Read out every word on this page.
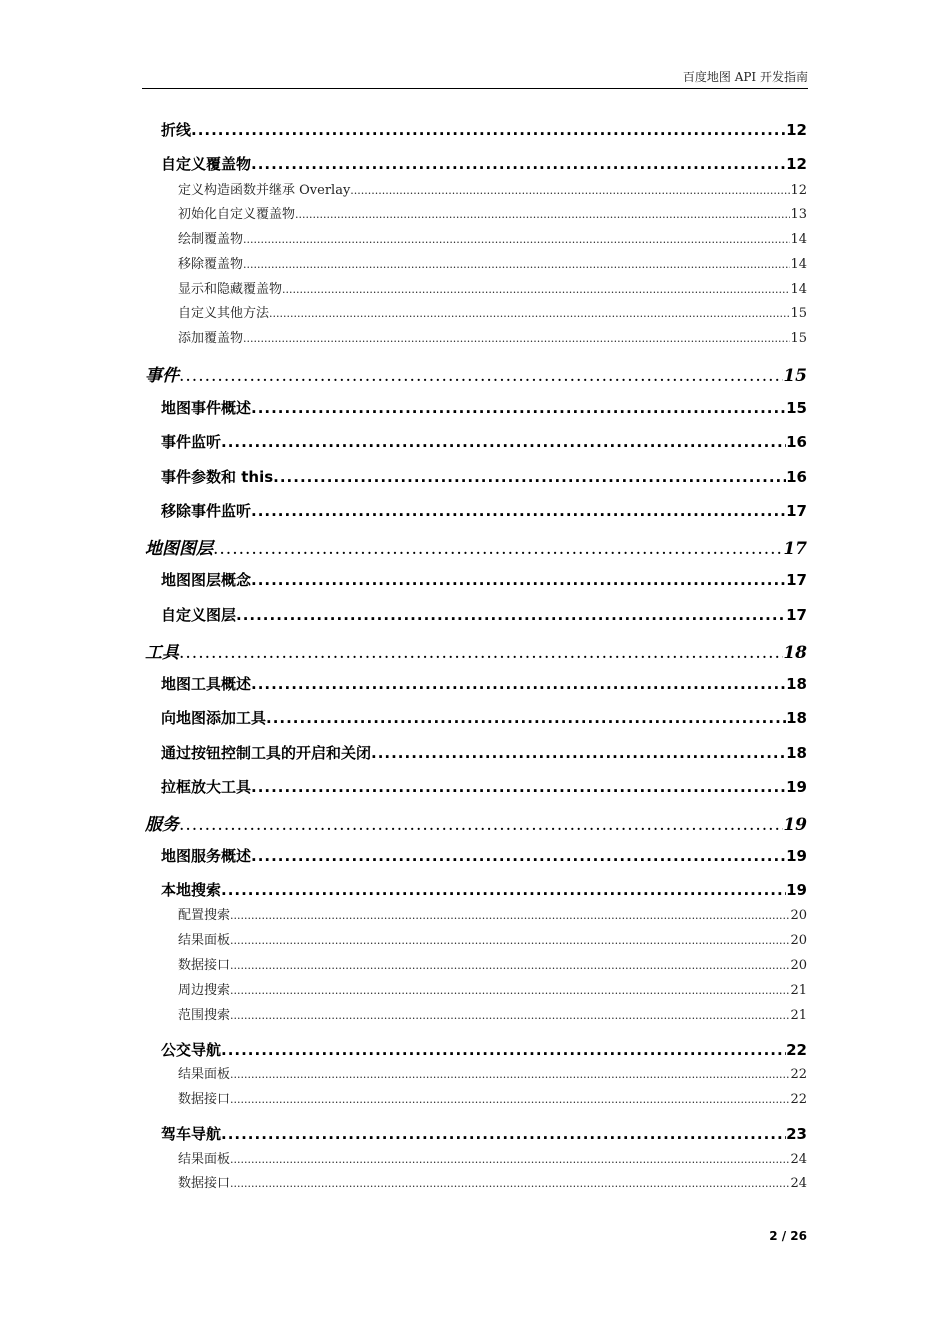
百度地图 API 开发指南
折线 .....	12
自定义覆盖物 .....	12
定义构造函数并继承 Overlay .....	12
初始化自定义覆盖物 .....	13
绘制覆盖物 .....	14
移除覆盖物 .....	14
显示和隐藏覆盖物 .....	14
自定义其他方法 .....	15
添加覆盖物 .....	15
事件 .....	15
地图事件概述 .....	15
事件监听 .....	16
事件参数和 this .....	16
移除事件监听 .....	17
地图图层 .....	17
地图图层概念 .....	17
自定义图层 .....	17
工具 .....	18
地图工具概述 .....	18
向地图添加工具 .....	18
通过按钮控制工具的开启和关闭 .....	18
拉框放大工具 .....	19
服务 .....	19
地图服务概述 .....	19
本地搜索 .....	19
配置搜索 .....	20
结果面板 .....	20
数据接口 .....	20
周边搜索 .....	21
范围搜索 .....	21
公交导航 .....	22
结果面板 .....	22
数据接口 .....	22
驾车导航 .....	23
结果面板 .....	24
数据接口 .....	24
2 / 26
